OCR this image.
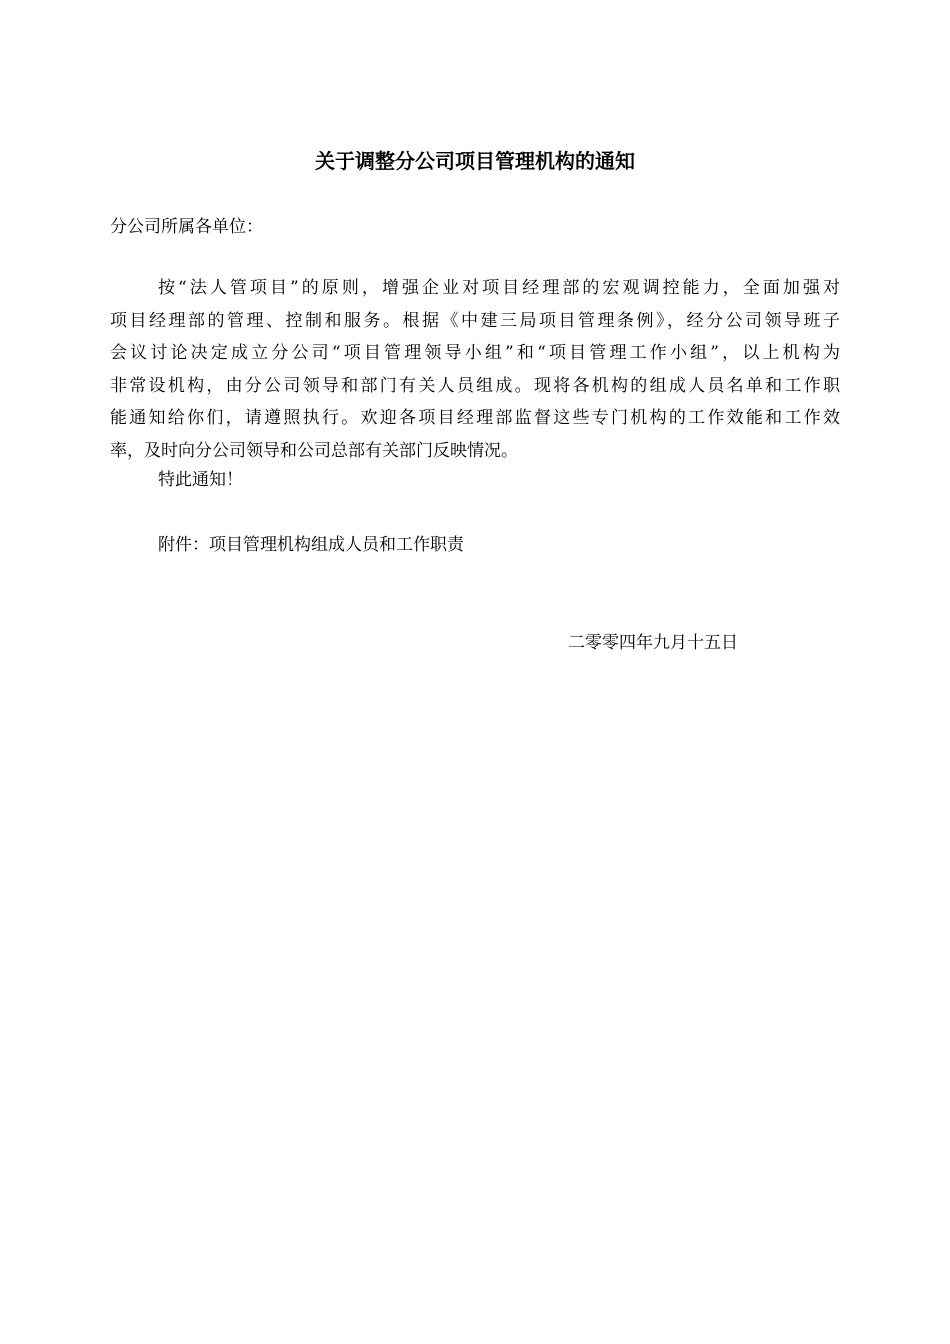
关于调整分公司项目管理机构的通知
分公司所属各单位：
按“法人管项目”的原则，增强企业对项目经理部的宏观调控能力，全面加强对
项目经理部的管理、控制和服务。根据《中建三局项目管理条例》，经分公司领导班子
会议讨论决定成立分公司“项目管理领导小组”和“项目管理工作小组”，以上机构为
非常设机构，由分公司领导和部门有关人员组成。现将各机构的组成人员名单和工作职
能通知给你们，请遵照执行。欢迎各项目经理部监督这些专门机构的工作效能和工作效
率，及时向分公司领导和公司总部有关部门反映情况。
特此通知！
附件：项目管理机构组成人员和工作职责
二零零四年九月十五日
